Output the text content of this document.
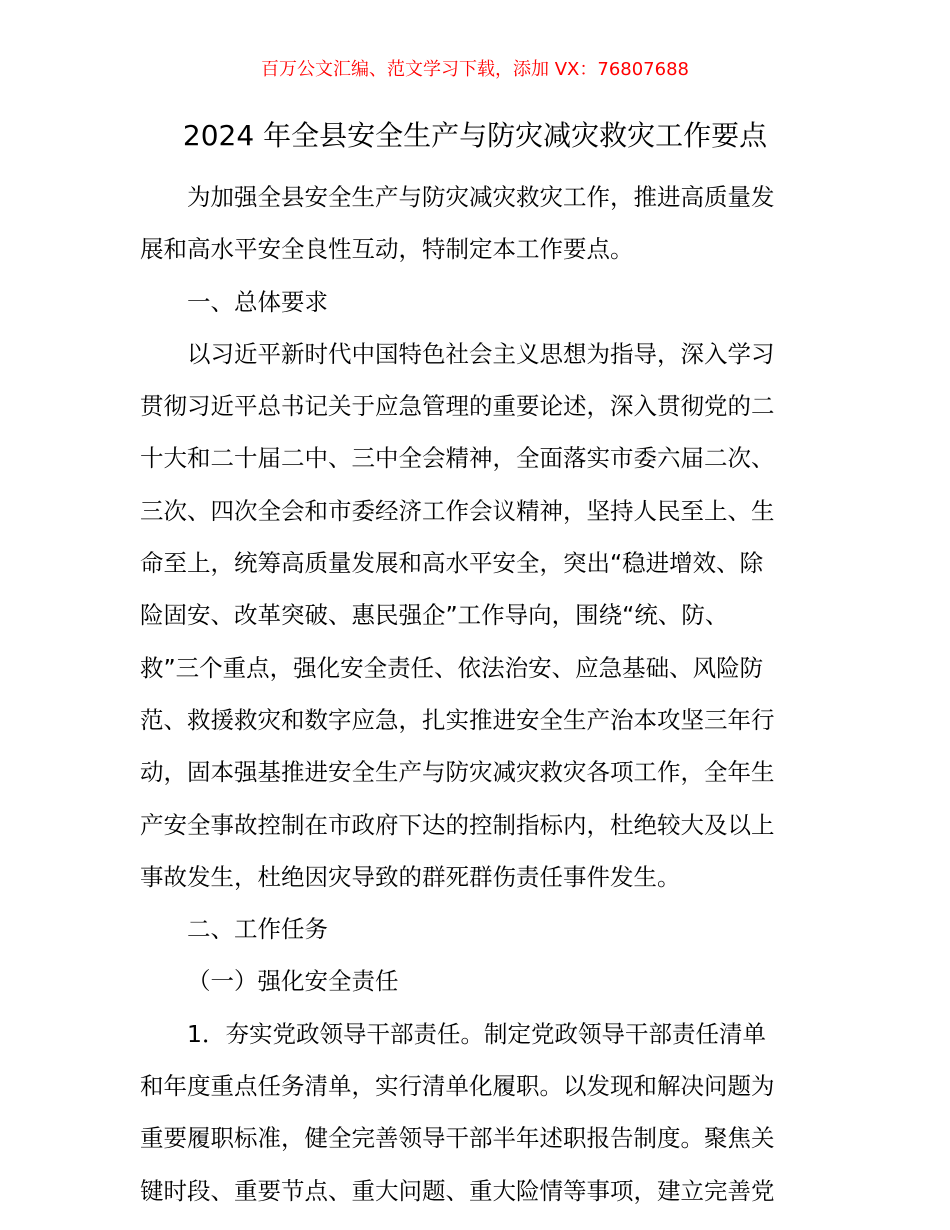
百万公文汇编、范文学习下载，添加 VX：76807688
2024 年全县安全生产与防灾减灾救灾工作要点
为加强全县安全生产与防灾减灾救灾工作，推进高质量发
展和高水平安全良性互动，特制定本工作要点。
一、总体要求
以习近平新时代中国特色社会主义思想为指导，深入学习
贯彻习近平总书记关于应急管理的重要论述，深入贯彻党的二
十大和二十届二中、三中全会精神，全面落实市委六届二次、
三次、四次全会和市委经济工作会议精神，坚持人民至上、生
命至上，统筹高质量发展和高水平安全，突出“稳进增效、除
险固安、改革突破、惠民强企”工作导向，围绕“统、防、
救”三个重点，强化安全责任、依法治安、应急基础、风险防
范、救援救灾和数字应急，扎实推进安全生产治本攻坚三年行
动，固本强基推进安全生产与防灾减灾救灾各项工作，全年生
产安全事故控制在市政府下达的控制指标内，杜绝较大及以上
事故发生，杜绝因灾导致的群死群伤责任事件发生。
二、工作任务
（一）强化安全责任
1．夯实党政领导干部责任。制定党政领导干部责任清单
和年度重点任务清单，实行清单化履职。以发现和解决问题为
重要履职标准，健全完善领导干部半年述职报告制度。聚焦关
键时段、重要节点、重大问题、重大险情等事项，建立完善党
